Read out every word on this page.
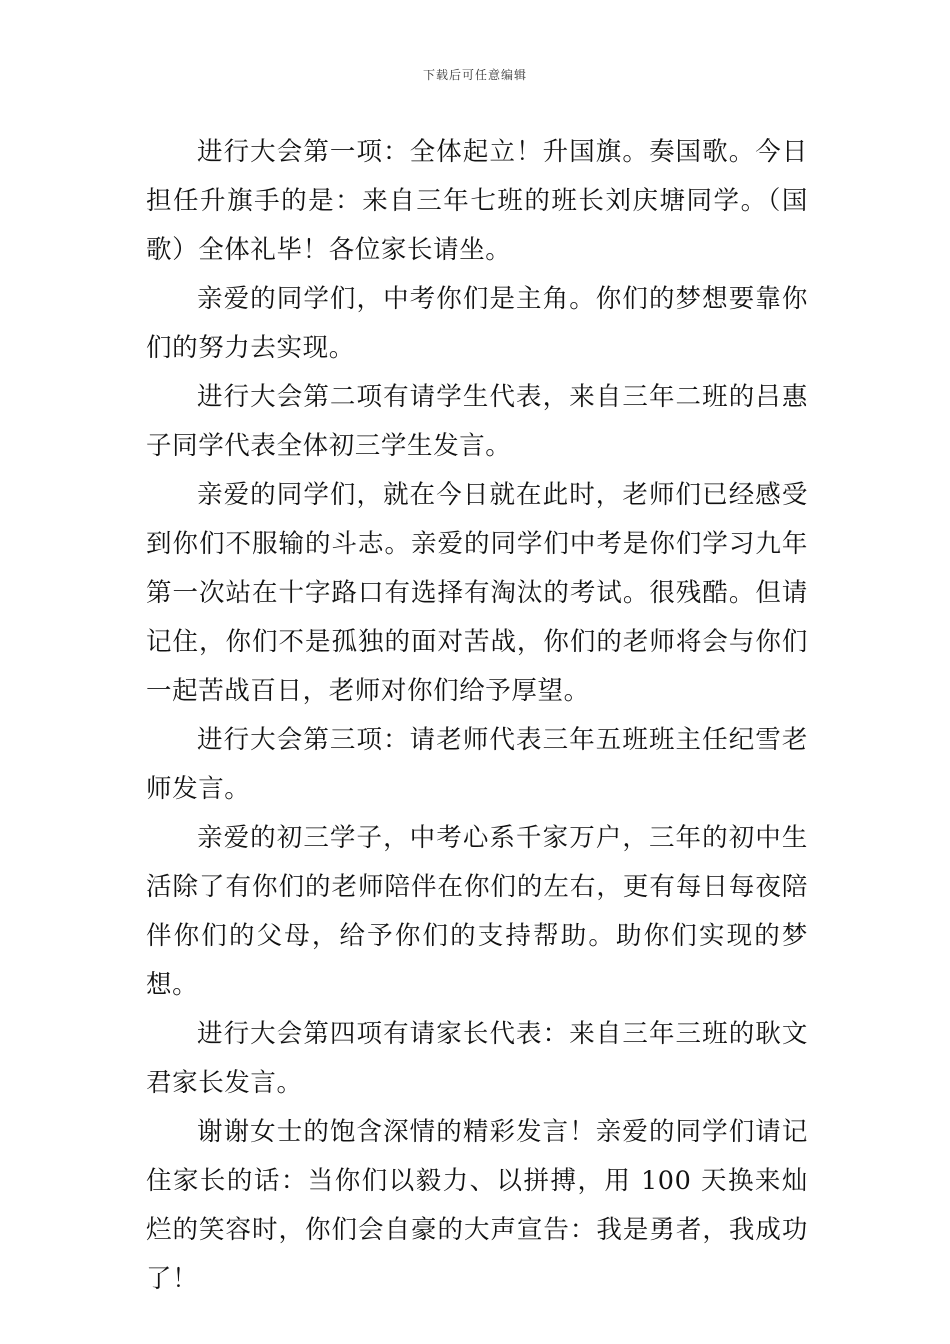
下载后可任意编辑

进行大会第一项：全体起立！升国旗。奏国歌。今日担任升旗手的是：来自三年七班的班长刘庆塘同学。（国歌）全体礼毕！各位家长请坐。

亲爱的同学们，中考你们是主角。你们的梦想要靠你们的努力去实现。

进行大会第二项有请学生代表，来自三年二班的吕惠子同学代表全体初三学生发言。

亲爱的同学们，就在今日就在此时，老师们已经感受到你们不服输的斗志。亲爱的同学们中考是你们学习九年第一次站在十字路口有选择有淘汰的考试。很残酷。但请记住，你们不是孤独的面对苦战，你们的老师将会与你们一起苦战百日，老师对你们给予厚望。

进行大会第三项：请老师代表三年五班班主任纪雪老师发言。

亲爱的初三学子，中考心系千家万户，三年的初中生活除了有你们的老师陪伴在你们的左右，更有每日每夜陪伴你们的父母，给予你们的支持帮助。助你们实现的梦想。

进行大会第四项有请家长代表：来自三年三班的耿文君家长发言。

谢谢女士的饱含深情的精彩发言！亲爱的同学们请记住家长的话：当你们以毅力、以拼搏，用 100 天换来灿烂的笑容时，你们会自豪的大声宣告：我是勇者，我成功了！
